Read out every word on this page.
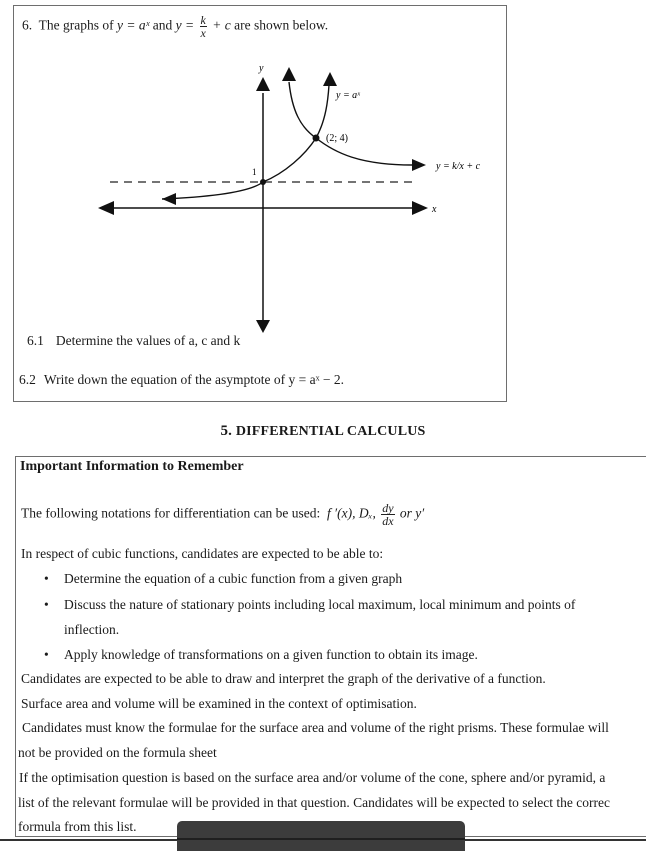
6. The graphs of y = aˣ and $y = \frac{k}{x} + c$ are shown below.
y
x
y = aˣ
y = k/x + c
(2; 4)
1
6.1 Determine the values of a, c and k
6.2 Write down the equation of the asymptote of y = aˣ − 2.
5. DIFFERENTIAL CALCULUS
Important Information to Remember
The following notations for differentiation can be used: f ′(x), Dₓ, $\frac{dy}{dx}$ or y′
In respect of cubic functions, candidates are expected to be able to:
• Determine the equation of a cubic function from a given graph
• Discuss the nature of stationary points including local maximum, local minimum and points of
inflection.
• Apply knowledge of transformations on a given function to obtain its image.
Candidates are expected to be able to draw and interpret the graph of the derivative of a function.
Surface area and volume will be examined in the context of optimisation.
Candidates must know the formulae for the surface area and volume of the right prisms. These formulae will
not be provided on the formula sheet
If the optimisation question is based on the surface area and/or volume of the cone, sphere and/or pyramid, a
list of the relevant formulae will be provided in that question. Candidates will be expected to select the correc
formula from this list.
